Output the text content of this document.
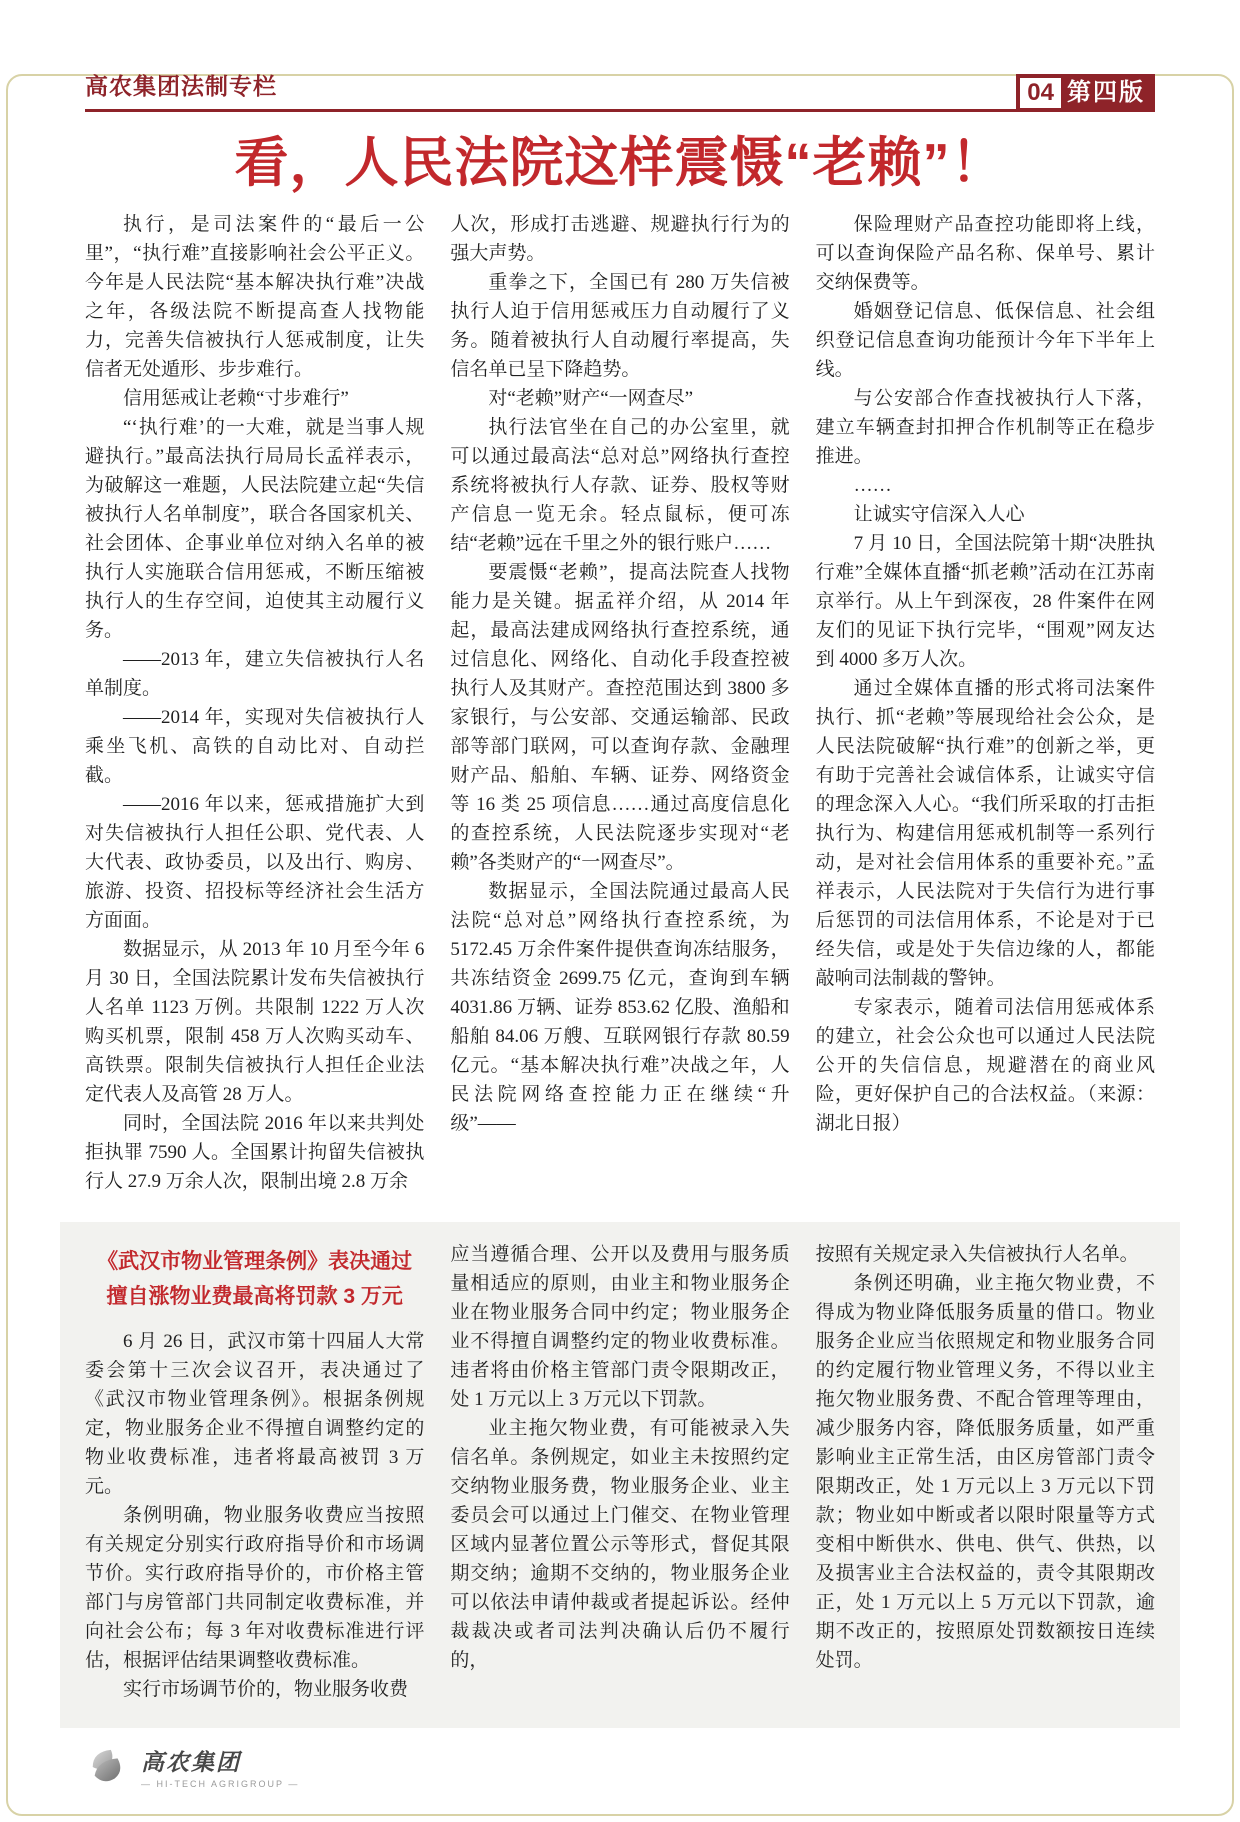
高农集团法制专栏	04 第四版
看，人民法院这样震慑“老赖”！

执行，是司法案件的“最后一公里”，“执行难”直接影响社会公平正义。今年是人民法院“基本解决执行难”决战之年，各级法院不断提高查人找物能力，完善失信被执行人惩戒制度，让失信者无处遁形、步步难行。

信用惩戒让老赖“寸步难行”

“‘执行难’的一大难，就是当事人规避执行。”最高法执行局局长孟祥表示，为破解这一难题，人民法院建立起“失信被执行人名单制度”，联合各国家机关、社会团体、企事业单位对纳入名单的被执行人实施联合信用惩戒，不断压缩被执行人的生存空间，迫使其主动履行义务。

——2013 年，建立失信被执行人名单制度。

——2014 年，实现对失信被执行人乘坐飞机、高铁的自动比对、自动拦截。

——2016 年以来，惩戒措施扩大到对失信被执行人担任公职、党代表、人大代表、政协委员，以及出行、购房、旅游、投资、招投标等经济社会生活方方面面。

数据显示，从 2013 年 10 月至今年 6 月 30 日，全国法院累计发布失信被执行人名单 1123 万例。共限制 1222 万人次购买机票，限制 458 万人次购买动车、高铁票。限制失信被执行人担任企业法定代表人及高管 28 万人。

同时，全国法院 2016 年以来共判处拒执罪 7590 人。全国累计拘留失信被执行人 27.9 万余人次，限制出境 2.8 万余

人次，形成打击逃避、规避执行行为的强大声势。

重拳之下，全国已有 280 万失信被执行人迫于信用惩戒压力自动履行了义务。随着被执行人自动履行率提高，失信名单已呈下降趋势。

对“老赖”财产“一网查尽”

执行法官坐在自己的办公室里，就可以通过最高法“总对总”网络执行查控系统将被执行人存款、证券、股权等财产信息一览无余。轻点鼠标，便可冻结“老赖”远在千里之外的银行账户……

要震慑“老赖”，提高法院查人找物能力是关键。据孟祥介绍，从 2014 年起，最高法建成网络执行查控系统，通过信息化、网络化、自动化手段查控被执行人及其财产。查控范围达到 3800 多家银行，与公安部、交通运输部、民政部等部门联网，可以查询存款、金融理财产品、船舶、车辆、证券、网络资金等 16 类 25 项信息……通过高度信息化的查控系统，人民法院逐步实现对“老赖”各类财产的“一网查尽”。

数据显示，全国法院通过最高人民法院“总对总”网络执行查控系统，为 5172.45 万余件案件提供查询冻结服务，共冻结资金 2699.75 亿元，查询到车辆 4031.86 万辆、证券 853.62 亿股、渔船和船舶 84.06 万艘、互联网银行存款 80.59 亿元。“基本解决执行难”决战之年，人民法院网络查控能力正在继续“升级”——

保险理财产品查控功能即将上线，可以查询保险产品名称、保单号、累计交纳保费等。

婚姻登记信息、低保信息、社会组织登记信息查询功能预计今年下半年上线。

与公安部合作查找被执行人下落，建立车辆查封扣押合作机制等正在稳步推进。

……

让诚实守信深入人心

7 月 10 日，全国法院第十期“决胜执行难”全媒体直播“抓老赖”活动在江苏南京举行。从上午到深夜，28 件案件在网友们的见证下执行完毕，“围观”网友达到 4000 多万人次。

通过全媒体直播的形式将司法案件执行、抓“老赖”等展现给社会公众，是人民法院破解“执行难”的创新之举，更有助于完善社会诚信体系，让诚实守信的理念深入人心。“我们所采取的打击拒执行为、构建信用惩戒机制等一系列行动，是对社会信用体系的重要补充。”孟祥表示，人民法院对于失信行为进行事后惩罚的司法信用体系，不论是对于已经失信，或是处于失信边缘的人，都能敲响司法制裁的警钟。

专家表示，随着司法信用惩戒体系的建立，社会公众也可以通过人民法院公开的失信信息，规避潜在的商业风险，更好保护自己的合法权益。（来源：湖北日报）

《武汉市物业管理条例》表决通过
擅自涨物业费最高将罚款 3 万元

6 月 26 日，武汉市第十四届人大常委会第十三次会议召开，表决通过了《武汉市物业管理条例》。根据条例规定，物业服务企业不得擅自调整约定的物业收费标准，违者将最高被罚 3 万元。

条例明确，物业服务收费应当按照有关规定分别实行政府指导价和市场调节价。实行政府指导价的，市价格主管部门与房管部门共同制定收费标准，并向社会公布；每 3 年对收费标准进行评估，根据评估结果调整收费标准。

实行市场调节价的，物业服务收费

应当遵循合理、公开以及费用与服务质量相适应的原则，由业主和物业服务企业在物业服务合同中约定；物业服务企业不得擅自调整约定的物业收费标准。违者将由价格主管部门责令限期改正，处 1 万元以上 3 万元以下罚款。

业主拖欠物业费，有可能被录入失信名单。条例规定，如业主未按照约定交纳物业服务费，物业服务企业、业主委员会可以通过上门催交、在物业管理区域内显著位置公示等形式，督促其限期交纳；逾期不交纳的，物业服务企业可以依法申请仲裁或者提起诉讼。经仲裁裁决或者司法判决确认后仍不履行的，

按照有关规定录入失信被执行人名单。

条例还明确，业主拖欠物业费，不得成为物业降低服务质量的借口。物业服务企业应当依照规定和物业服务合同的约定履行物业管理义务，不得以业主拖欠物业服务费、不配合管理等理由，减少服务内容，降低服务质量，如严重影响业主正常生活，由区房管部门责令限期改正，处 1 万元以上 3 万元以下罚款；物业如中断或者以限时限量等方式变相中断供水、供电、供气、供热，以及损害业主合法权益的，责令其限期改正，处 1 万元以上 5 万元以下罚款，逾期不改正的，按照原处罚数额按日连续处罚。

高农集团
— HI-TECH AGRIGROUP —
